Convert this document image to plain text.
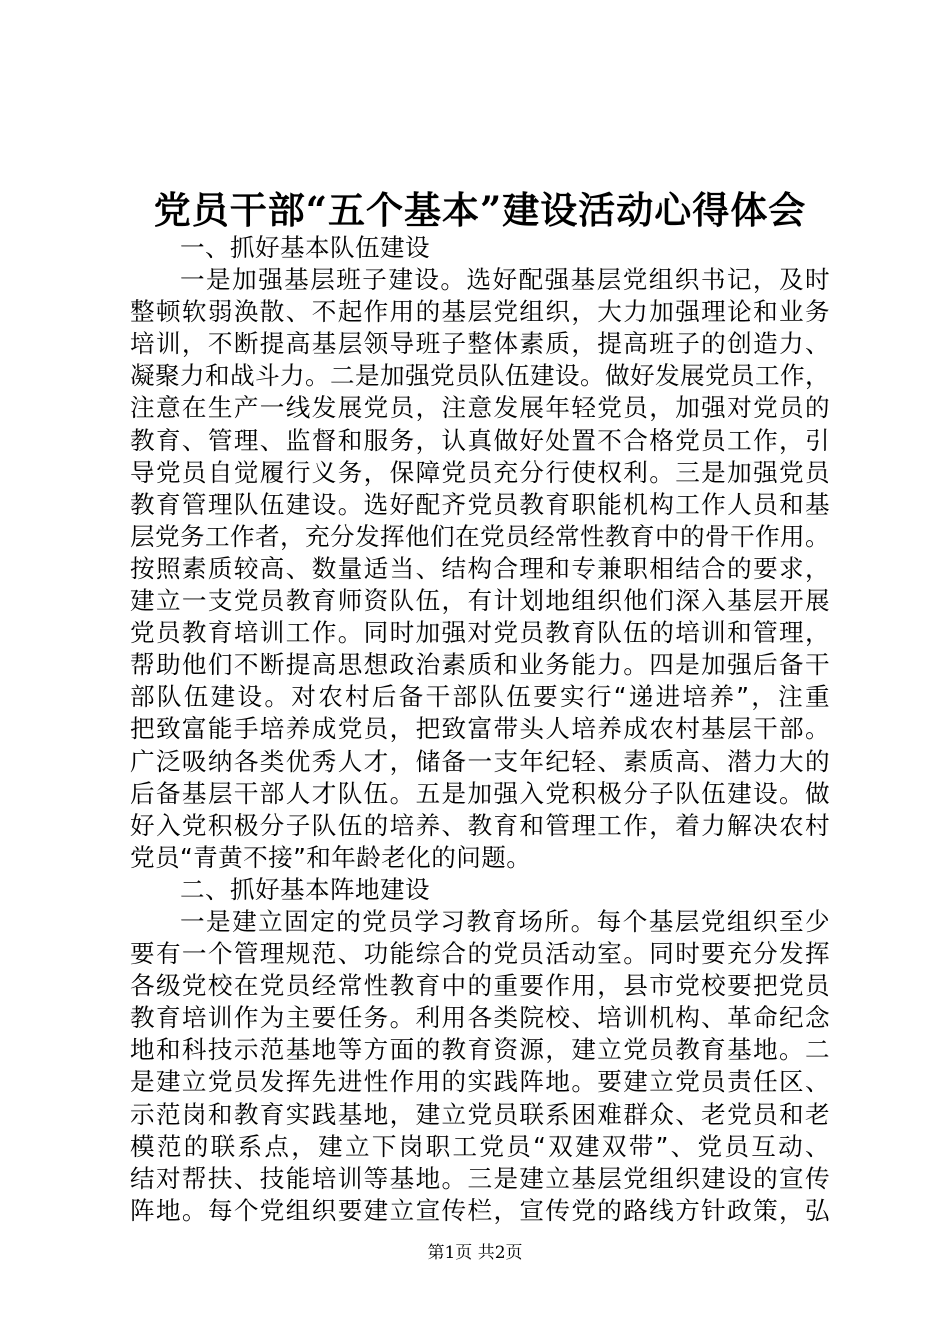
党员干部“五个基本”建设活动心得体会
一、抓好基本队伍建设
一是加强基层班子建设。选好配强基层党组织书记，及时
整顿软弱涣散、不起作用的基层党组织，大力加强理论和业务
培训，不断提高基层领导班子整体素质，提高班子的创造力、
凝聚力和战斗力。二是加强党员队伍建设。做好发展党员工作，
注意在生产一线发展党员，注意发展年轻党员，加强对党员的
教育、管理、监督和服务，认真做好处置不合格党员工作，引
导党员自觉履行义务，保障党员充分行使权利。三是加强党员
教育管理队伍建设。选好配齐党员教育职能机构工作人员和基
层党务工作者，充分发挥他们在党员经常性教育中的骨干作用。
按照素质较高、数量适当、结构合理和专兼职相结合的要求，
建立一支党员教育师资队伍，有计划地组织他们深入基层开展
党员教育培训工作。同时加强对党员教育队伍的培训和管理，
帮助他们不断提高思想政治素质和业务能力。四是加强后备干
部队伍建设。对农村后备干部队伍要实行“递进培养”，注重
把致富能手培养成党员，把致富带头人培养成农村基层干部。
广泛吸纳各类优秀人才，储备一支年纪轻、素质高、潜力大的
后备基层干部人才队伍。五是加强入党积极分子队伍建设。做
好入党积极分子队伍的培养、教育和管理工作，着力解决农村
党员“青黄不接”和年龄老化的问题。
二、抓好基本阵地建设
一是建立固定的党员学习教育场所。每个基层党组织至少
要有一个管理规范、功能综合的党员活动室。同时要充分发挥
各级党校在党员经常性教育中的重要作用，县市党校要把党员
教育培训作为主要任务。利用各类院校、培训机构、革命纪念
地和科技示范基地等方面的教育资源，建立党员教育基地。二
是建立党员发挥先进性作用的实践阵地。要建立党员责任区、
示范岗和教育实践基地，建立党员联系困难群众、老党员和老
模范的联系点，建立下岗职工党员“双建双带”、党员互动、
结对帮扶、技能培训等基地。三是建立基层党组织建设的宣传
阵地。每个党组织要建立宣传栏，宣传党的路线方针政策，弘
第1页 共2页
